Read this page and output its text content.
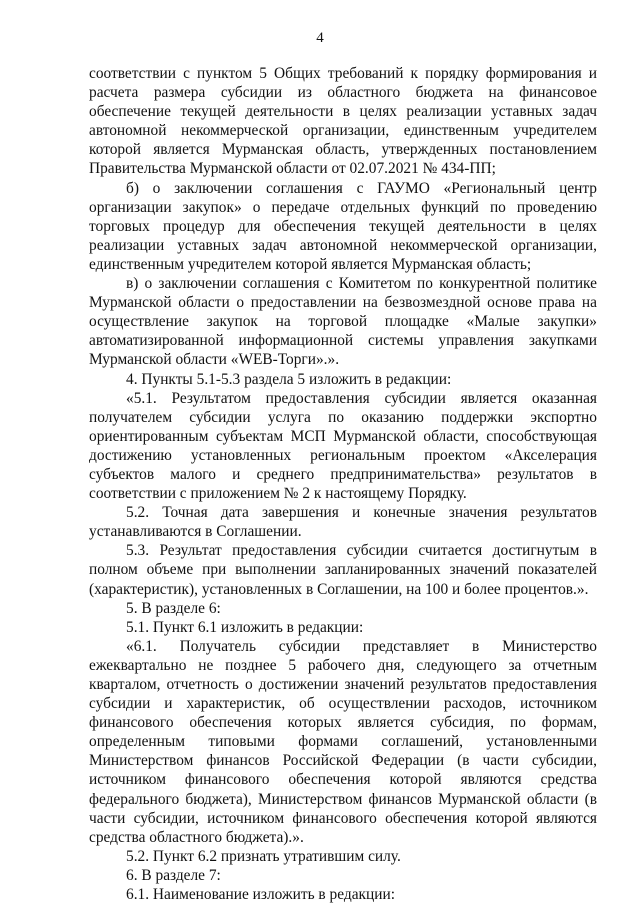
4

соответствии с пунктом 5 Общих требований к порядку формирования и расчета размера субсидии из областного бюджета на финансовое обеспечение текущей деятельности в целях реализации уставных задач автономной некоммерческой организации, единственным учредителем которой является Мурманская область, утвержденных постановлением Правительства Мурманской области от 02.07.2021 № 434-ПП;

б) о заключении соглашения с ГАУМО «Региональный центр организации закупок» о передаче отдельных функций по проведению торговых процедур для обеспечения текущей деятельности в целях реализации уставных задач автономной некоммерческой организации, единственным учредителем которой является Мурманская область;

в) о заключении соглашения с Комитетом по конкурентной политике Мурманской области о предоставлении на безвозмездной основе права на осуществление закупок на торговой площадке «Малые закупки» автоматизированной информационной системы управления закупками Мурманской области «WEB-Торги».».

4. Пункты 5.1-5.3 раздела 5 изложить в редакции:

«5.1. Результатом предоставления субсидии является оказанная получателем субсидии услуга по оказанию поддержки экспортно ориентированным субъектам МСП Мурманской области, способствующая достижению установленных региональным проектом «Акселерация субъектов малого и среднего предпринимательства» результатов в соответствии с приложением № 2 к настоящему Порядку.

5.2. Точная дата завершения и конечные значения результатов устанавливаются в Соглашении.

5.3. Результат предоставления субсидии считается достигнутым в полном объеме при выполнении запланированных значений показателей (характеристик), установленных в Соглашении, на 100 и более процентов.».

5. В разделе 6:

5.1. Пункт 6.1 изложить в редакции:

«6.1. Получатель субсидии представляет в Министерство ежеквартально не позднее 5 рабочего дня, следующего за отчетным кварталом, отчетность о достижении значений результатов предоставления субсидии и характеристик, об осуществлении расходов, источником финансового обеспечения которых является субсидия, по формам, определенным типовыми формами соглашений, установленными Министерством финансов Российской Федерации (в части субсидии, источником финансового обеспечения которой являются средства федерального бюджета), Министерством финансов Мурманской области (в части субсидии, источником финансового обеспечения которой являются средства областного бюджета).».

5.2. Пункт 6.2 признать утратившим силу.

6. В разделе 7:

6.1. Наименование изложить в редакции:
